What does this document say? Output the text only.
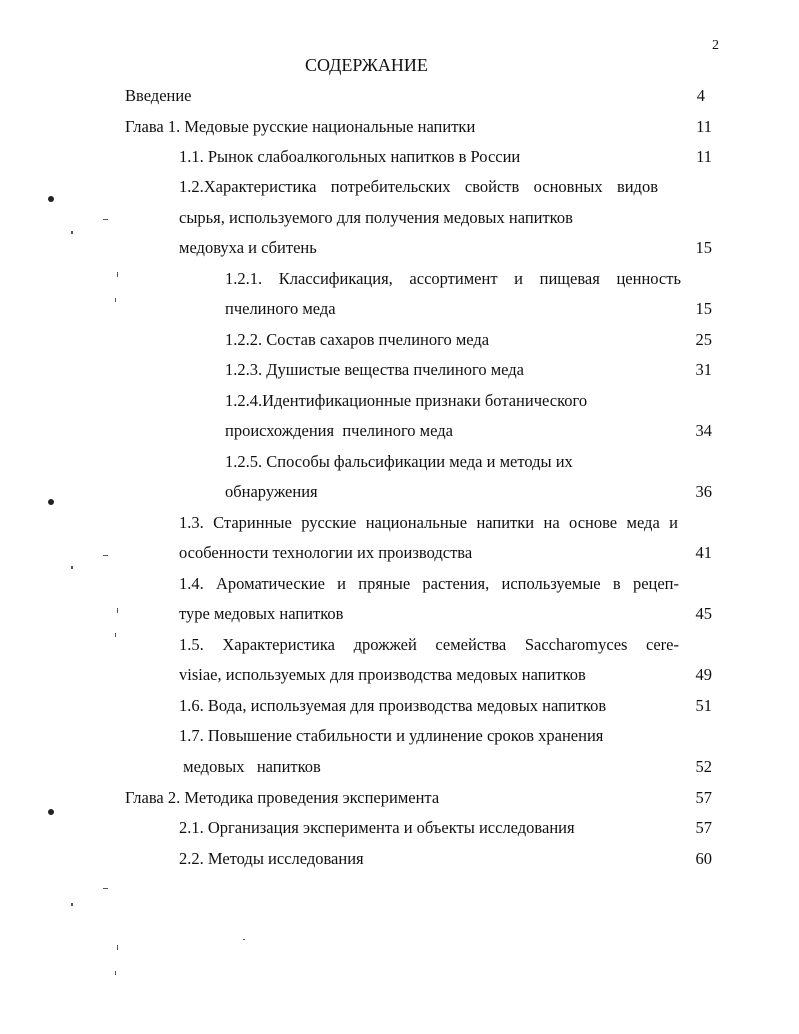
2
СОДЕРЖАНИЕ
Введение	4
Глава 1. Медовые русские национальные напитки	11
1.1. Рынок слабоалкогольных напитков в России	11
1.2.Характеристика потребительских свойств основных видов
сырья, используемого для получения медовых напитков
медовуха и сбитень	15
1.2.1. Классификация, ассортимент и пищевая ценность
пчелиного меда	15
1.2.2. Состав сахаров пчелиного меда	25
1.2.3. Душистые вещества пчелиного меда	31
1.2.4.Идентификационные признаки ботанического
происхождения  пчелиного меда	34
1.2.5. Способы фальсификации меда и методы их
обнаружения	36
1.3. Старинные русские национальные напитки на основе меда и
особенности технологии их производства	41
1.4. Ароматические и пряные растения, используемые в рецеп-
туре медовых напитков	45
1.5. Характеристика дрожжей семейства Saccharomyces cere-
visiae, используемых для производства медовых напитков	49
1.6. Вода, используемая для производства медовых напитков	51
1.7. Повышение стабильности и удлинение сроков хранения
медовых   напитков	52
Глава 2. Методика проведения эксперимента	57
2.1. Организация эксперимента и объекты исследования	57
2.2. Методы исследования	60
